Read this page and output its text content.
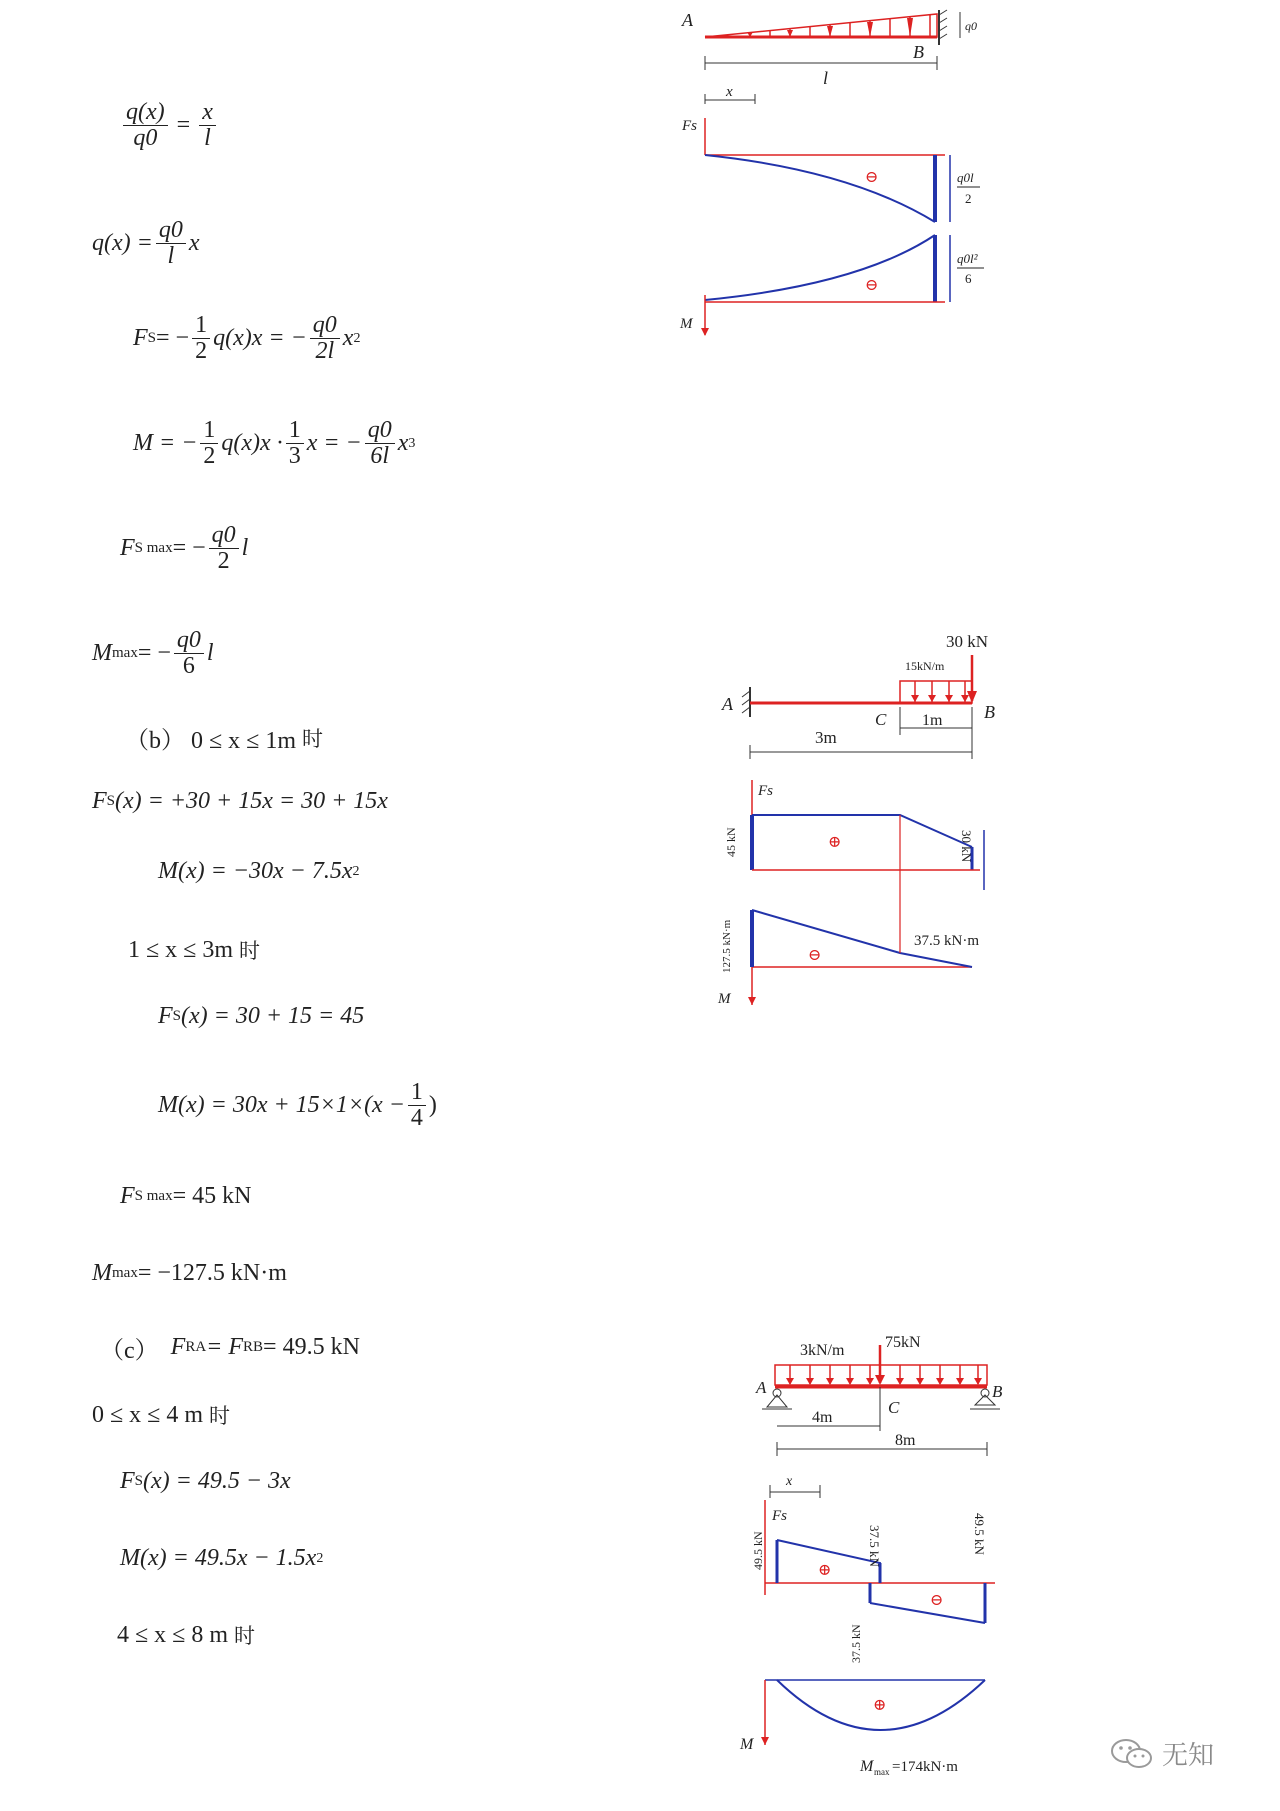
$\frac{q(x)}{q0} = \frac{x}{l}$
$q(x) = \frac{q0}{l}$ x
F S = − $\frac{1}{2} q(x)x$ = − $\frac{q0}{2l}$ x 2
M = − $\frac{1}{2} q(x)x \cdot \frac{1}{3}$ x = − $\frac{q0}{6l}$ x 3
F S max = − $\frac{q0}{2}$ l
M max = − $\frac{q0}{6}$ l
（b） 0 ≤ x ≤ 1m 时
F S (x) = +30 + 15x = 30 + 15x
M(x) = −30x − 7.5x 2
1 ≤ x ≤ 3m 时
F S (x) = 30 + 15 = 45
$M(x) = 30x + 15\times 1\times(x - \frac{1}{4}$ )
F S max = 45 kN
M max = −127.5 kN·m
（c）
F RA = F RB = 49.5 kN
0 ≤ x ≤ 4 m 时
F S (x) = 49.5 − 3x
M(x) = 49.5x − 1.5x 2
4 ≤ x ≤ 8 m 时
q0
A
B
l
x
Fs
⊖	q0l
2
⊖
M
q0l²
6
30 kN
15kN/m
A	B
C 1m
3m
Fs
⊕
45 kN	30 kN
⊖
127.5 kN·m	37.5 kN·m
M
3kN/m	75kN
A	B
C
4m
8m
x
Fs
⊕
⊖
49.5 kN	37.5 kN
37.5 kN
49.5 kN
⊕
M
M max =174kN·m	无知
